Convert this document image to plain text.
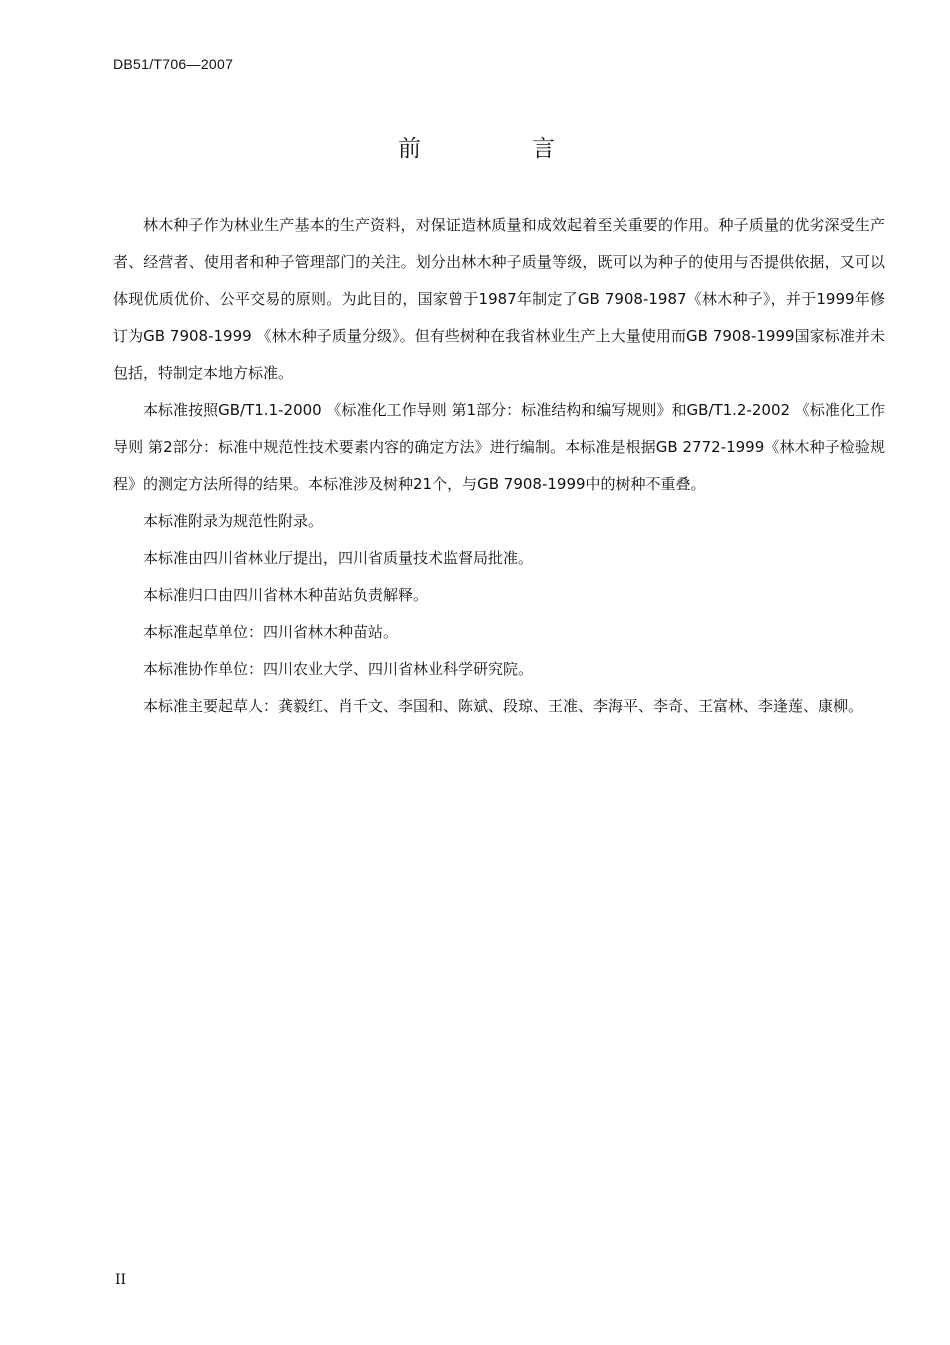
DB51/T706—2007
前　言

林木种子作为林业生产基本的生产资料，对保证造林质量和成效起着至关重要的作用。种子质量的优劣深受生产者、经营者、使用者和种子管理部门的关注。划分出林木种子质量等级，既可以为种子的使用与否提供依据，又可以体现优质优价、公平交易的原则。为此目的，国家曾于1987年制定了GB 7908-1987《林木种子》，并于1999年修订为GB 7908-1999 《林木种子质量分级》。但有些树种在我省林业生产上大量使用而GB 7908-1999国家标准并未包括，特制定本地方标准。

本标准按照GB/T1.1-2000 《标准化工作导则 第1部分：标准结构和编写规则》和GB/T1.2-2002 《标准化工作导则 第2部分：标准中规范性技术要素内容的确定方法》进行编制。本标准是根据GB 2772-1999《林木种子检验规程》的测定方法所得的结果。本标准涉及树种21个，与GB 7908-1999中的树种不重叠。

本标准附录为规范性附录。

本标准由四川省林业厅提出，四川省质量技术监督局批准。

本标准归口由四川省林木种苗站负责解释。

本标准起草单位：四川省林木种苗站。

本标准协作单位：四川农业大学、四川省林业科学研究院。

本标准主要起草人：龚毅红、肖千文、李国和、陈斌、段琼、王准、李海平、李奇、王富林、李逢莲、康柳。

II
